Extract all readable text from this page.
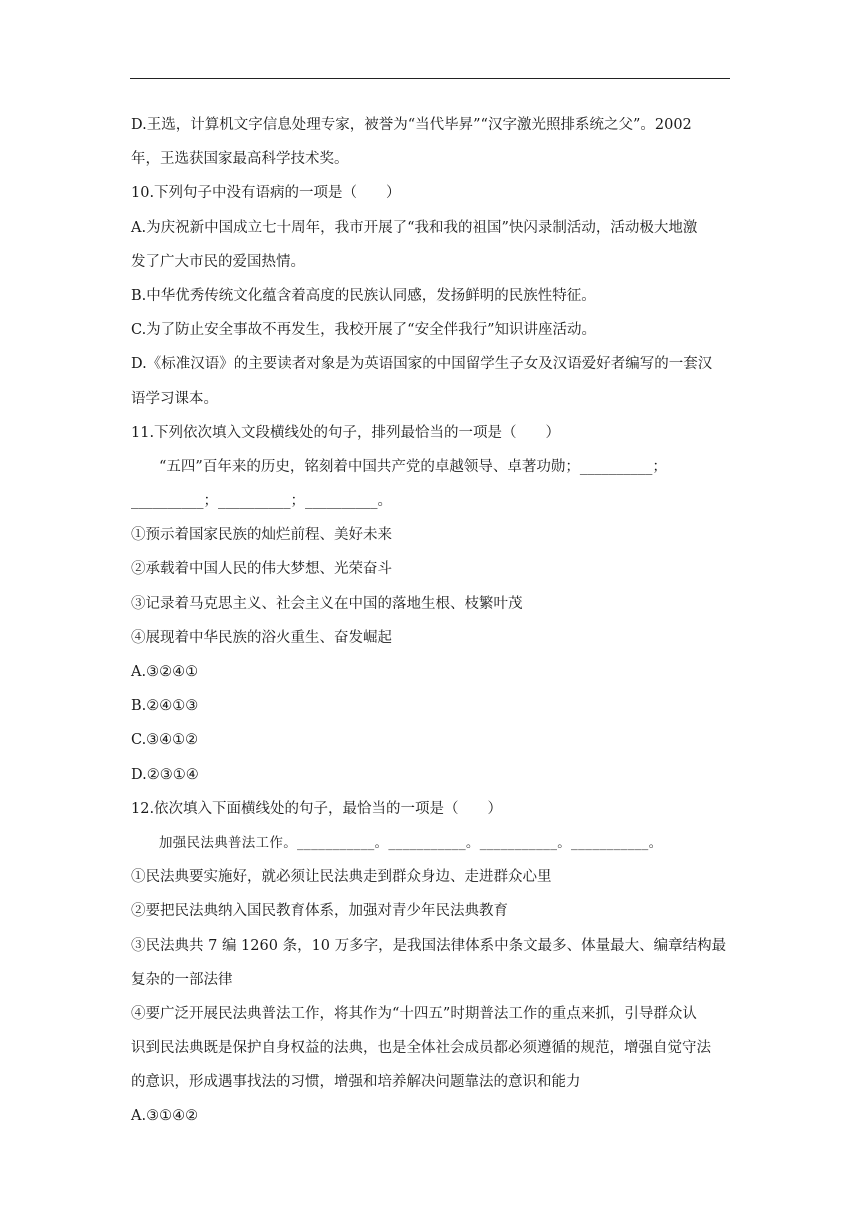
D.王选，计算机文字信息处理专家，被誉为“当代毕昇”“汉字激光照排系统之父”。2002
年，王选获国家最高科学技术奖。
10.下列句子中没有语病的一项是（　　）
A.为庆祝新中国成立七十周年，我市开展了“我和我的祖国”快闪录制活动，活动极大地激
发了广大市民的爱国热情。
B.中华优秀传统文化蕴含着高度的民族认同感，发扬鲜明的民族性特征。
C.为了防止安全事故不再发生，我校开展了“安全伴我行”知识讲座活动。
D.《标准汉语》的主要读者对象是为英语国家的中国留学生子女及汉语爱好者编写的一套汉
语学习课本。
11.下列依次填入文段横线处的句子，排列最恰当的一项是（　　）
“五四”百年来的历史，铭刻着中国共产党的卓越领导、卓著功勋；__________；
__________；__________；__________。
①预示着国家民族的灿烂前程、美好未来
②承载着中国人民的伟大梦想、光荣奋斗
③记录着马克思主义、社会主义在中国的落地生根、枝繁叶茂
④展现着中华民族的浴火重生、奋发崛起
A.③②④①
B.②④①③
C.③④①②
D.②③①④
12.依次填入下面横线处的句子，最恰当的一项是（　　）
加强民法典普法工作。___________。___________。___________。___________。
①民法典要实施好，就必须让民法典走到群众身边、走进群众心里
②要把民法典纳入国民教育体系，加强对青少年民法典教育
③民法典共 7 编 1260 条，10 万多字，是我国法律体系中条文最多、体量最大、编章结构最
复杂的一部法律
④要广泛开展民法典普法工作，将其作为“十四五”时期普法工作的重点来抓，引导群众认
识到民法典既是保护自身权益的法典，也是全体社会成员都必须遵循的规范，增强自觉守法
的意识，形成遇事找法的习惯，增强和培养解决问题靠法的意识和能力
A.③①④②
